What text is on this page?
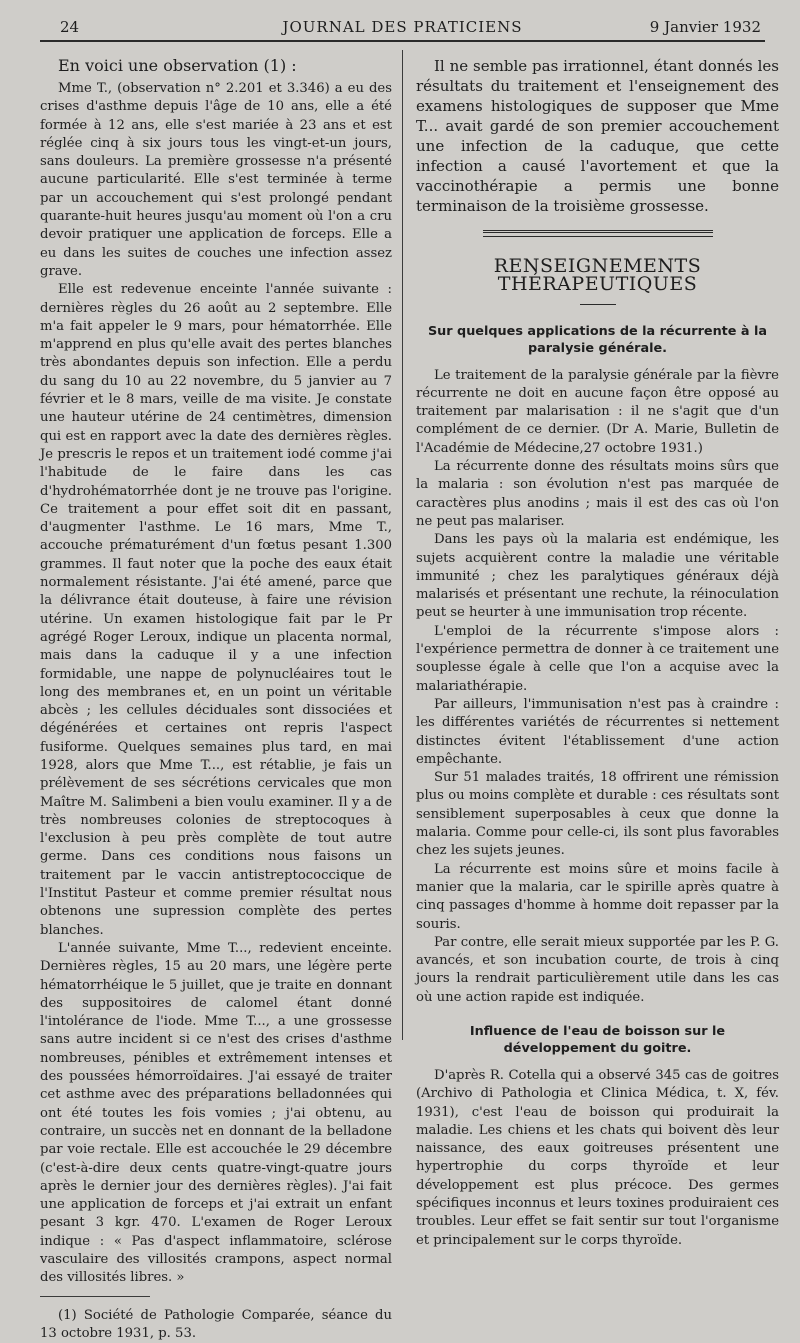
24	JOURNAL DES PRATICIENS	9 Janvier 1932

En voici une observation (1) :

Mme T., (observation n° 2.201 et 3.346) a eu des crises d'asthme depuis l'âge de 10 ans, elle a été formée à 12 ans, elle s'est mariée à 23 ans et est réglée cinq à six jours tous les vingt-et-un jours, sans douleurs. La première grossesse n'a présenté aucune particularité. Elle s'est terminée à terme par un accouchement qui s'est prolongé pendant quarante-huit heures jusqu'au moment où l'on a cru devoir pratiquer une application de forceps. Elle a eu dans les suites de couches une infection assez grave.

Elle est redevenue enceinte l'année suivante : dernières règles du 26 août au 2 septembre. Elle m'a fait appeler le 9 mars, pour hématorrhée. Elle m'apprend en plus qu'elle avait des pertes blanches très abondantes depuis son infection. Elle a perdu du sang du 10 au 22 novembre, du 5 janvier au 7 février et le 8 mars, veille de ma visite. Je constate une hauteur utérine de 24 centimètres, dimension qui est en rapport avec la date des dernières règles. Je prescris le repos et un traitement iodé comme j'ai l'habitude de le faire dans les cas d'hydrohématorrhée dont je ne trouve pas l'origine. Ce traitement a pour effet soit dit en passant, d'augmenter l'asthme. Le 16 mars, Mme T., accouche prématurément d'un fœtus pesant 1.300 grammes. Il faut noter que la poche des eaux était normalement résistante. J'ai été amené, parce que la délivrance était douteuse, à faire une révision utérine. Un examen histologique fait par le Pr agrégé Roger Leroux, indique un placenta normal, mais dans la caduque il y a une infection formidable, une nappe de polynucléaires tout le long des membranes et, en un point un véritable abcès ; les cellules déciduales sont dissociées et dégénérées et certaines ont repris l'aspect fusiforme. Quelques semaines plus tard, en mai 1928, alors que Mme T..., est rétablie, je fais un prélèvement de ses sécrétions cervicales que mon Maître M. Salimbeni a bien voulu examiner. Il y a de très nombreuses colonies de streptocoques à l'exclusion à peu près complète de tout autre germe. Dans ces conditions nous faisons un traitement par le vaccin antistreptococcique de l'Institut Pasteur et comme premier résultat nous obtenons une supression complète des pertes blanches.

L'année suivante, Mme T..., redevient enceinte. Dernières règles, 15 au 20 mars, une légère perte hématorrhéique le 5 juillet, que je traite en donnant des suppositoires de calomel étant donné l'intolérance de l'iode. Mme T..., a une grossesse sans autre incident si ce n'est des crises d'asthme nombreuses, pénibles et extrêmement intenses et des poussées hémorroïdaires. J'ai essayé de traiter cet asthme avec des préparations belladonnées qui ont été toutes les fois vomies ; j'ai obtenu, au contraire, un succès net en donnant de la belladone par voie rectale. Elle est accouchée le 29 décembre (c'est-à-dire deux cents quatre-vingt-quatre jours après le dernier jour des dernières règles). J'ai fait une application de forceps et j'ai extrait un enfant pesant 3 kgr. 470. L'examen de Roger Leroux indique : « Pas d'aspect inflammatoire, sclérose vasculaire des villosités crampons, aspect normal des villosités libres. »

(1) Société de Pathologie Comparée, séance du 13 octobre 1931, p. 53.

Il ne semble pas irrationnel, étant donnés les résultats du traitement et l'enseignement des examens histologiques de supposer que Mme T... avait gardé de son premier accouchement une infection de la caduque, que cette infection a causé l'avortement et que la vaccinothérapie a permis une bonne terminaison de la troisième grossesse.

RENSEIGNEMENTS THÉRAPEUTIQUES
Sur quelques applications de la récurrente à la paralysie générale.

Le traitement de la paralysie générale par la fièvre récurrente ne doit en aucune façon être opposé au traitement par malarisation : il ne s'agit que d'un complément de ce dernier. (Dr A. Marie, Bulletin de l'Académie de Médecine,27 octobre 1931.)

La récurrente donne des résultats moins sûrs que la malaria : son évolution n'est pas marquée de caractères plus anodins ; mais il est des cas où l'on ne peut pas malariser.

Dans les pays où la malaria est endémique, les sujets acquièrent contre la maladie une véritable immunité ; chez les paralytiques généraux déjà malarisés et présentant une rechute, la réinoculation peut se heurter à une immunisation trop récente.

L'emploi de la récurrente s'impose alors : l'expérience permettra de donner à ce traitement une souplesse égale à celle que l'on a acquise avec la malariathérapie.

Par ailleurs, l'immunisation n'est pas à craindre : les différentes variétés de récurrentes si nettement distinctes évitent l'établissement d'une action empêchante.

Sur 51 malades traités, 18 offrirent une rémission plus ou moins complète et durable : ces résultats sont sensiblement superposables à ceux que donne la malaria. Comme pour celle-ci, ils sont plus favorables chez les sujets jeunes.

La récurrente est moins sûre et moins facile à manier que la malaria, car le spirille après quatre à cinq passages d'homme à homme doit repasser par la souris.

Par contre, elle serait mieux supportée par les P. G. avancés, et son incubation courte, de trois à cinq jours la rendrait particulièrement utile dans les cas où une action rapide est indiquée.

Influence de l'eau de boisson sur le développement du goitre.

D'après R. Cotella qui a observé 345 cas de goitres (Archivo di Pathologia et Clinica Médica, t. X, fév. 1931), c'est l'eau de boisson qui produirait la maladie. Les chiens et les chats qui boivent dès leur naissance, des eaux goitreuses présentent une hypertrophie du corps thyroïde et leur développement est plus précoce. Des germes spécifiques inconnus et leurs toxines produiraient ces troubles. Leur effet se fait sentir sur tout l'organisme et principalement sur le corps thyroïde.
